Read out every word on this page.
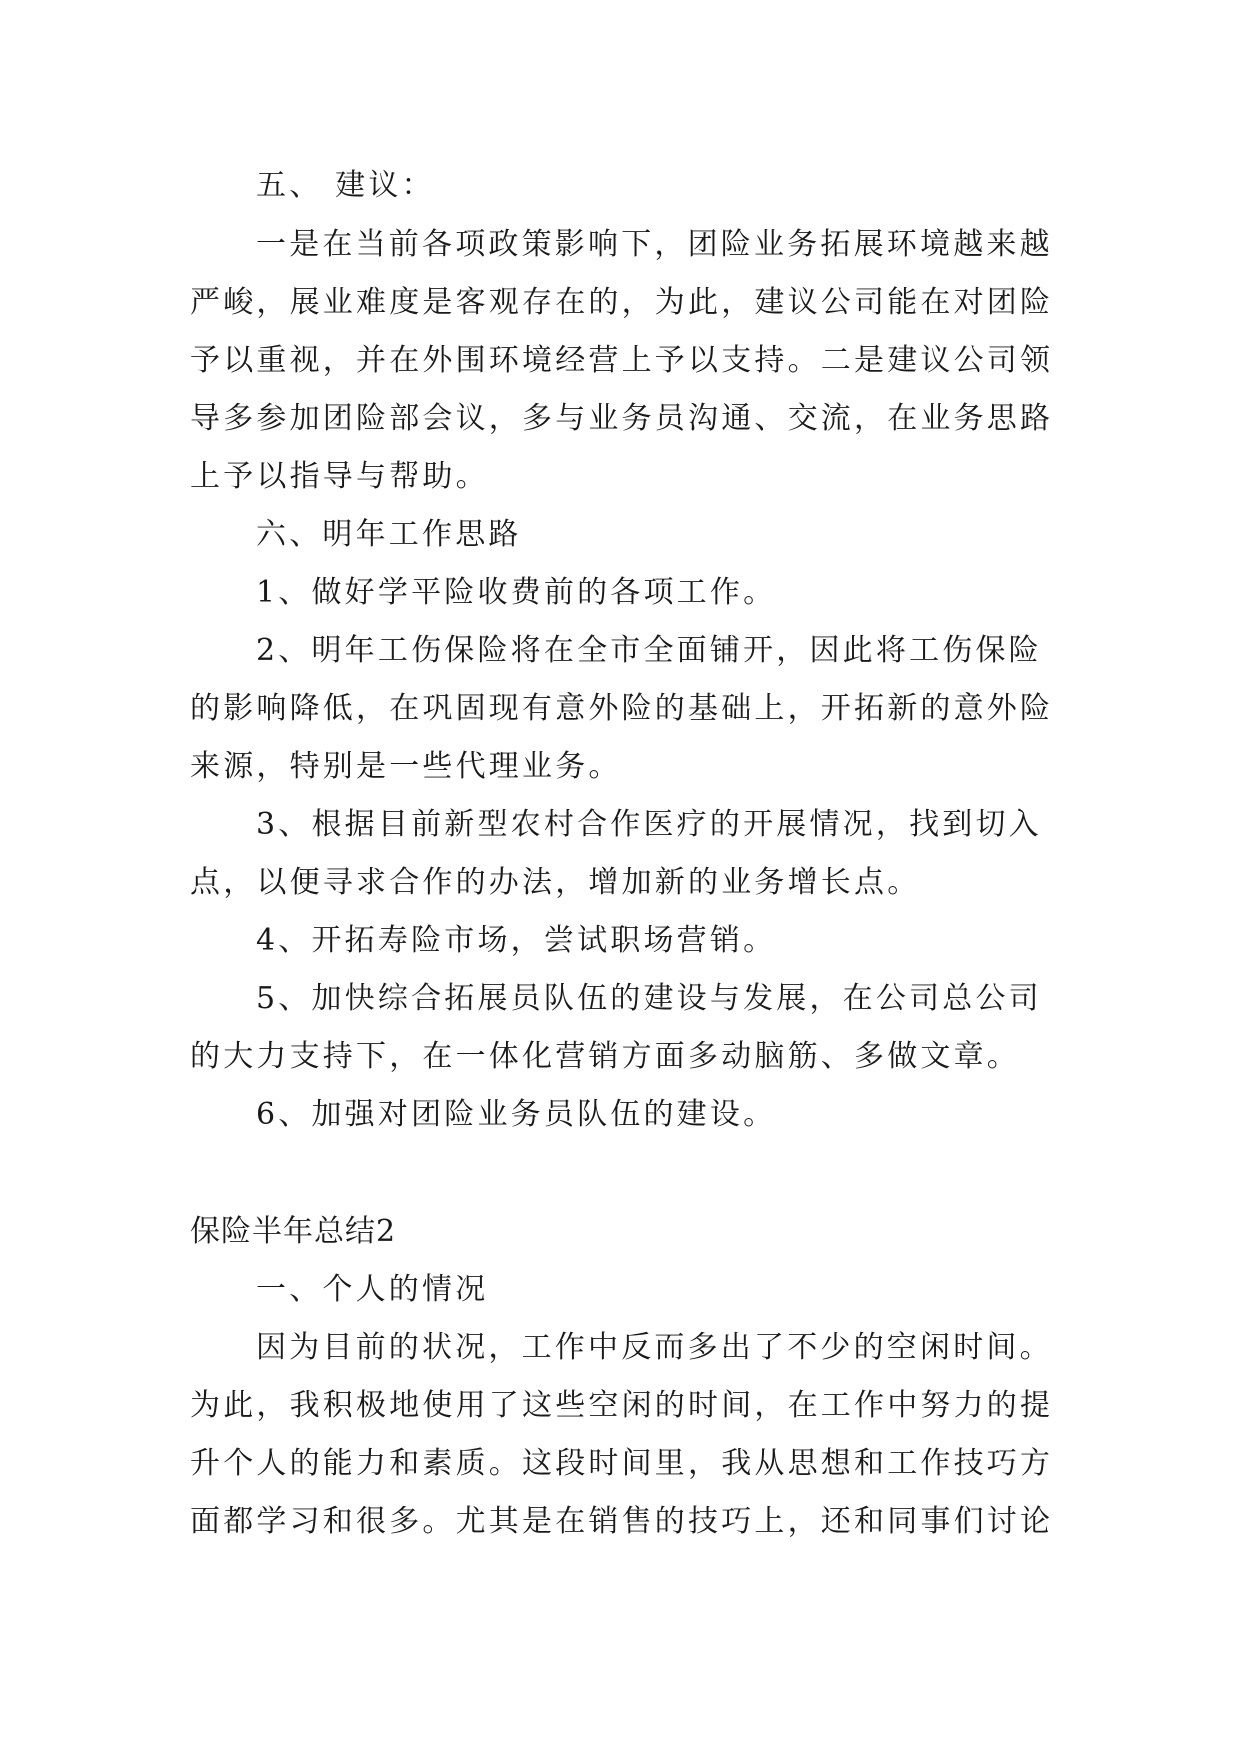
五、 建议：
一是在当前各项政策影响下，团险业务拓展环境越来越
严峻，展业难度是客观存在的，为此，建议公司能在对团险
予以重视，并在外围环境经营上予以支持。二是建议公司领
导多参加团险部会议，多与业务员沟通、交流，在业务思路
上予以指导与帮助。
六、明年工作思路
1、做好学平险收费前的各项工作。
2、明年工伤保险将在全市全面铺开，因此将工伤保险
的影响降低，在巩固现有意外险的基础上，开拓新的意外险
来源，特别是一些代理业务。
3、根据目前新型农村合作医疗的开展情况，找到切入
点，以便寻求合作的办法，增加新的业务增长点。
4、开拓寿险市场，尝试职场营销。
5、加快综合拓展员队伍的建设与发展，在公司总公司
的大力支持下，在一体化营销方面多动脑筋、多做文章。
6、加强对团险业务员队伍的建设。
保险半年总结2
一、个人的情况
因为目前的状况，工作中反而多出了不少的空闲时间。
为此，我积极地使用了这些空闲的时间，在工作中努力的提
升个人的能力和素质。这段时间里，我从思想和工作技巧方
面都学习和很多。尤其是在销售的技巧上，还和同事们讨论
